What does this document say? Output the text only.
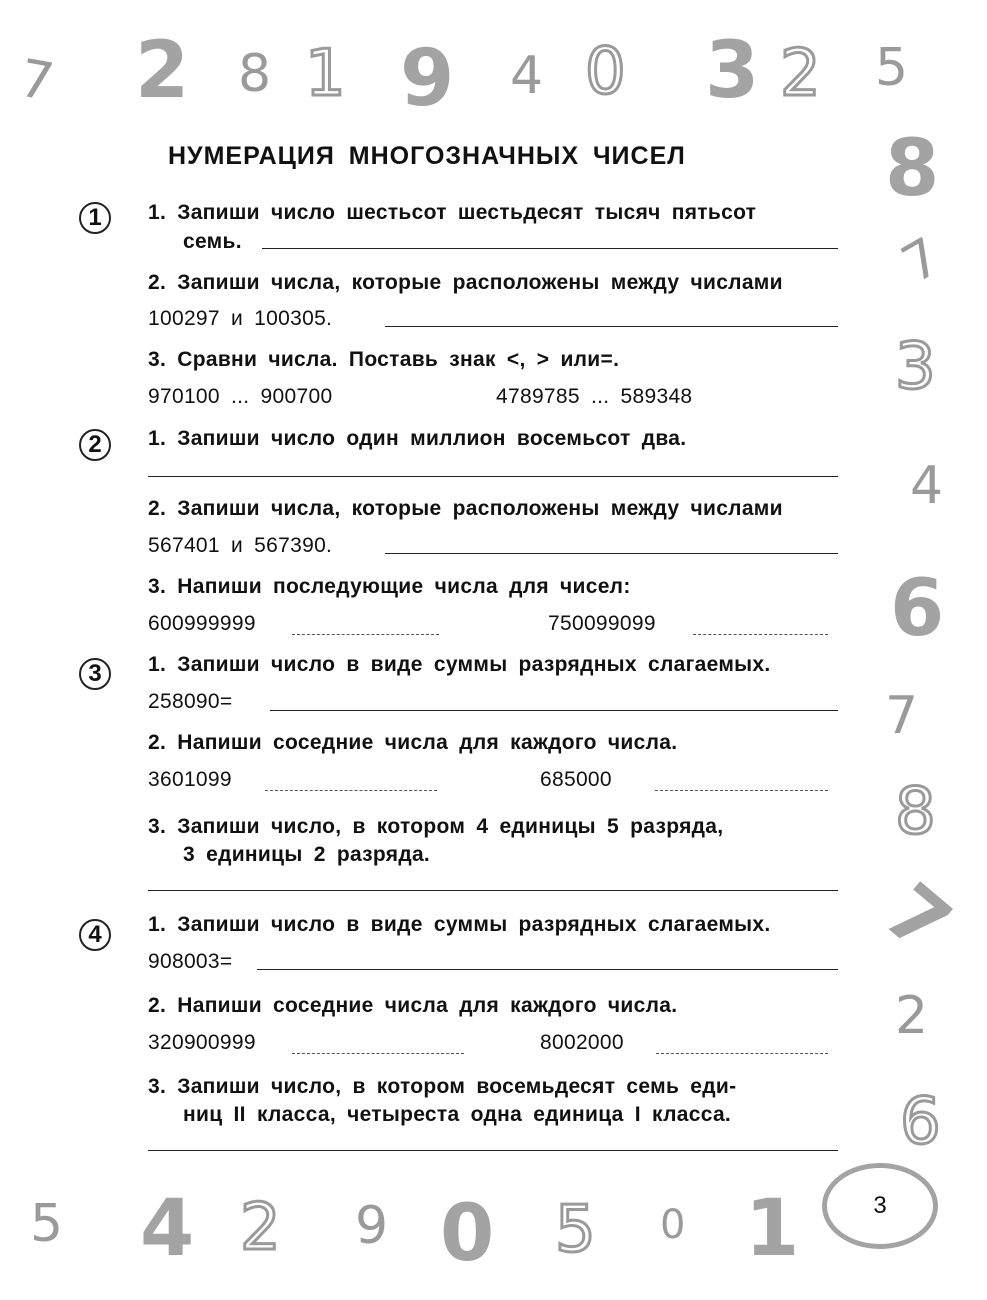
7 2 8 1 9 4 0 3 2 5
8
7
3
4
6
7
8
7
2
6
5 4 2 9 0 5 0 1
НУМЕРАЦИЯ МНОГОЗНАЧНЫХ ЧИСЕЛ
1	1. Запиши число шестьсот шестьдесят тысяч пятьсот
семь.
2. Запиши числа, которые расположены между числами
100297 и 100305.
3. Сравни числа. Поставь знак <, > или=.
970100 ... 900700	4789785 ... 589348
2	1. Запиши число один миллион восемьсот два.
2. Запиши числа, которые расположены между числами
567401 и 567390.
3. Напиши последующие числа для чисел:
600999999	750099099
3	1. Запиши число в виде суммы разрядных слагаемых.
258090=
2. Напиши соседние числа для каждого числа.
3601099	685000
3. Запиши число, в котором 4 единицы 5 разряда,
3 единицы 2 разряда.
4	1. Запиши число в виде суммы разрядных слагаемых.
908003=
2. Напиши соседние числа для каждого числа.
320900999	8002000
3. Запиши число, в котором восемьдесят семь еди-
ниц II класса, четыреста одна единица I класса.
3
